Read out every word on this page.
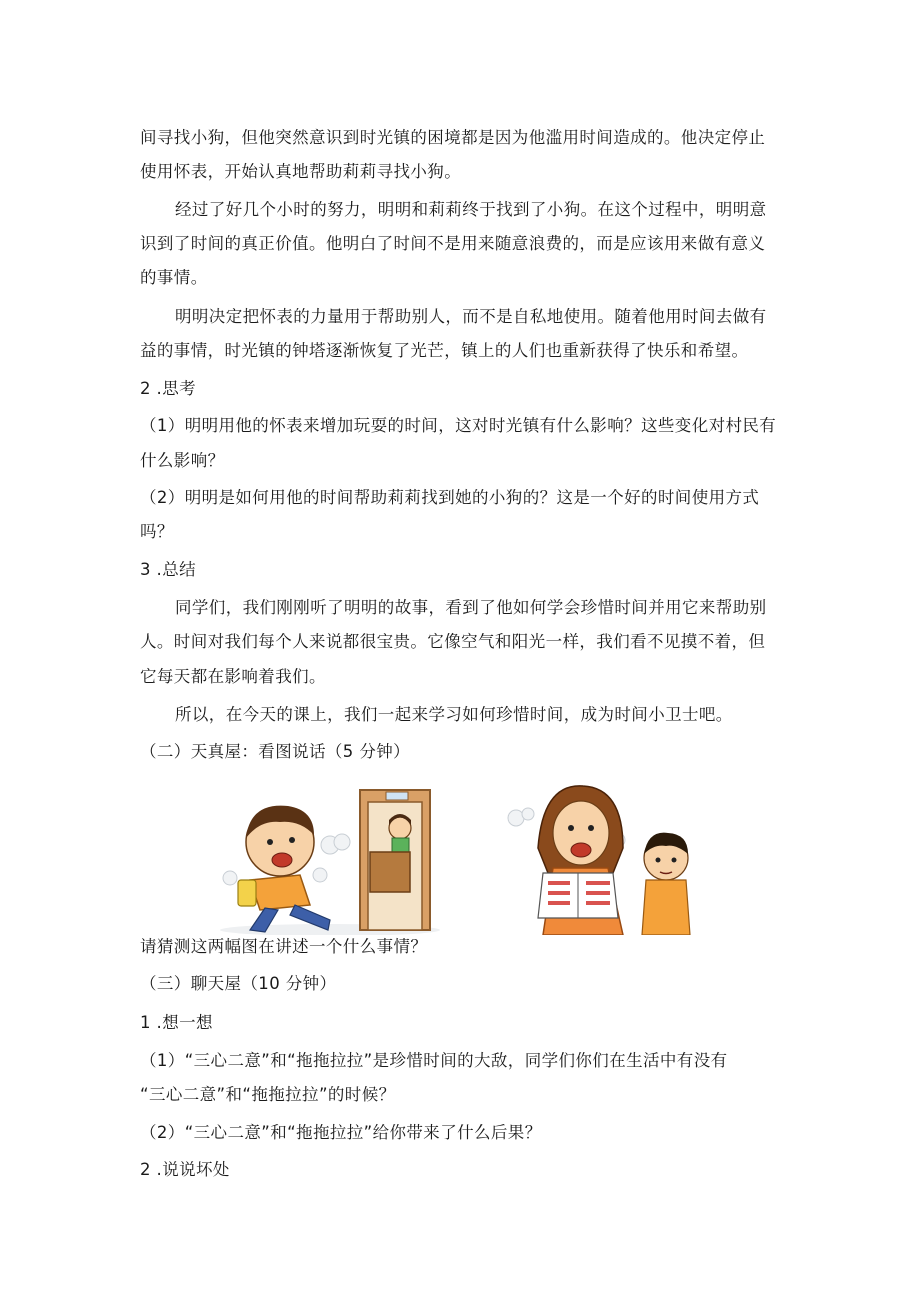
间寻找小狗，但他突然意识到时光镇的困境都是因为他滥用时间造成的。他决定停止
使用怀表，开始认真地帮助莉莉寻找小狗。
经过了好几个小时的努力，明明和莉莉终于找到了小狗。在这个过程中，明明意
识到了时间的真正价值。他明白了时间不是用来随意浪费的，而是应该用来做有意义
的事情。
明明决定把怀表的力量用于帮助别人，而不是自私地使用。随着他用时间去做有
益的事情，时光镇的钟塔逐渐恢复了光芒，镇上的人们也重新获得了快乐和希望。
2 .思考
（1）明明用他的怀表来增加玩耍的时间，这对时光镇有什么影响？这些变化对村民有
什么影响？
（2）明明是如何用他的时间帮助莉莉找到她的小狗的？这是一个好的时间使用方式
吗？
3 .总结
同学们，我们刚刚听了明明的故事，看到了他如何学会珍惜时间并用它来帮助别
人。时间对我们每个人来说都很宝贵。它像空气和阳光一样，我们看不见摸不着，但
它每天都在影响着我们。
所以，在今天的课上，我们一起来学习如何珍惜时间，成为时间小卫士吧。
（二）天真屋：看图说话（5 分钟）
请猜测这两幅图在讲述一个什么事情？
（三）聊天屋（10 分钟）
1 .想一想
（1）“三心二意”和“拖拖拉拉”是珍惜时间的大敌，同学们你们在生活中有没有
“三心二意”和“拖拖拉拉”的时候？
（2）“三心二意”和“拖拖拉拉”给你带来了什么后果？
2 .说说坏处
